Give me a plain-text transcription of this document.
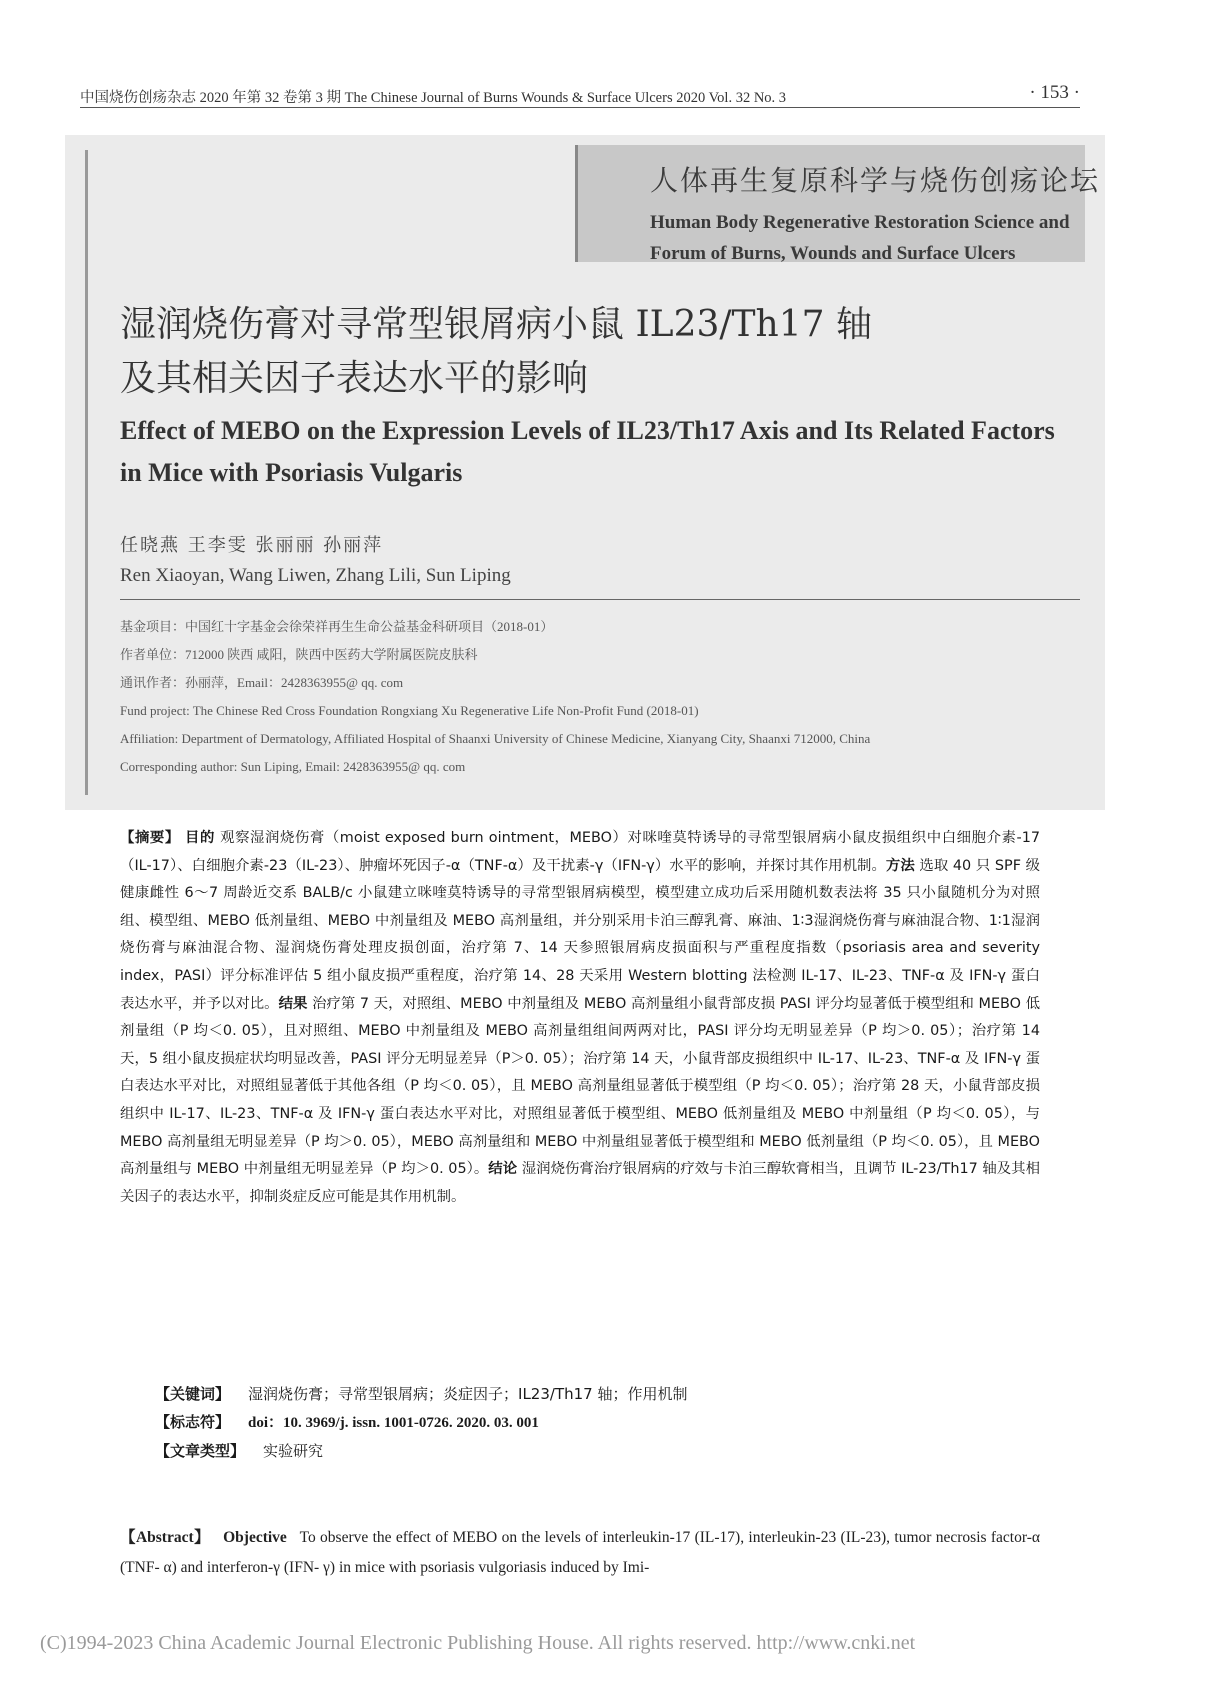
中国烧伤创疡杂志 2020 年第 32 卷第 3 期 The Chinese Journal of Burns Wounds & Surface Ulcers 2020 Vol. 32 No. 3	· 153 ·
人体再生复原科学与烧伤创疡论坛
Human Body Regenerative Restoration Science and Forum of Burns, Wounds and Surface Ulcers
湿润烧伤膏对寻常型银屑病小鼠 IL23/Th17 轴
及其相关因子表达水平的影响
Effect of MEBO on the Expression Levels of IL23/Th17 Axis and Its Related Factors in Mice with Psoriasis Vulgaris
任晓燕 王李雯 张丽丽 孙丽萍
Ren Xiaoyan, Wang Liwen, Zhang Lili, Sun Liping
基金项目：中国红十字基金会徐荣祥再生生命公益基金科研项目（2018-01）
作者单位：712000 陕西 咸阳，陕西中医药大学附属医院皮肤科
通讯作者：孙丽萍，Email：2428363955@ qq. com
Fund project: The Chinese Red Cross Foundation Rongxiang Xu Regenerative Life Non-Profit Fund (2018-01)
Affiliation: Department of Dermatology, Affiliated Hospital of Shaanxi University of Chinese Medicine, Xianyang City, Shaanxi 712000, China
Corresponding author: Sun Liping, Email: 2428363955@ qq. com
【摘要】 目的 观察湿润烧伤膏（moist exposed burn ointment，MEBO）对咪喹莫特诱导的寻常型银屑病小鼠皮损组织中白细胞介素-17（IL-17）、白细胞介素-23（IL-23）、肿瘤坏死因子-α（TNF-α）及干扰素-γ（IFN-γ）水平的影响，并探讨其作用机制。方法 选取 40 只 SPF 级健康雌性 6～7 周龄近交系 BALB/c 小鼠建立咪喹莫特诱导的寻常型银屑病模型，模型建立成功后采用随机数表法将 35 只小鼠随机分为对照组、模型组、MEBO 低剂量组、MEBO 中剂量组及 MEBO 高剂量组，并分别采用卡泊三醇乳膏、麻油、1∶3湿润烧伤膏与麻油混合物、1∶1湿润烧伤膏与麻油混合物、湿润烧伤膏处理皮损创面，治疗第 7、14 天参照银屑病皮损面积与严重程度指数（psoriasis area and severity index，PASI）评分标准评估 5 组小鼠皮损严重程度，治疗第 14、28 天采用 Western blotting 法检测 IL-17、IL-23、TNF-α 及 IFN-γ 蛋白表达水平，并予以对比。结果 治疗第 7 天，对照组、MEBO 中剂量组及 MEBO 高剂量组小鼠背部皮损 PASI 评分均显著低于模型组和 MEBO 低剂量组（P 均＜0. 05），且对照组、MEBO 中剂量组及 MEBO 高剂量组组间两两对比，PASI 评分均无明显差异（P 均＞0. 05）；治疗第 14 天，5 组小鼠皮损症状均明显改善，PASI 评分无明显差异（P＞0. 05）；治疗第 14 天，小鼠背部皮损组织中 IL-17、IL-23、TNF-α 及 IFN-γ 蛋白表达水平对比，对照组显著低于其他各组（P 均＜0. 05），且 MEBO 高剂量组显著低于模型组（P 均＜0. 05）；治疗第 28 天，小鼠背部皮损组织中 IL-17、IL-23、TNF-α 及 IFN-γ 蛋白表达水平对比，对照组显著低于模型组、MEBO 低剂量组及 MEBO 中剂量组（P 均＜0. 05），与 MEBO 高剂量组无明显差异（P 均＞0. 05），MEBO 高剂量组和 MEBO 中剂量组显著低于模型组和 MEBO 低剂量组（P 均＜0. 05），且 MEBO 高剂量组与 MEBO 中剂量组无明显差异（P 均＞0. 05）。结论 湿润烧伤膏治疗银屑病的疗效与卡泊三醇软膏相当，且调节 IL-23/Th17 轴及其相关因子的表达水平，抑制炎症反应可能是其作用机制。
【关键词】 湿润烧伤膏；寻常型银屑病；炎症因子；IL23/Th17 轴；作用机制
【标志符】 doi：10. 3969/j. issn. 1001-0726. 2020. 03. 001
【文章类型】 实验研究
【Abstract】 Objective To observe the effect of MEBO on the levels of interleukin-17 (IL-17), interleukin-23 (IL-23), tumor necrosis factor-α (TNF- α) and interferon-γ (IFN- γ) in mice with psoriasis vulgoriasis induced by Imi-
(C)1994-2023 China Academic Journal Electronic Publishing House. All rights reserved. http://www.cnki.net
